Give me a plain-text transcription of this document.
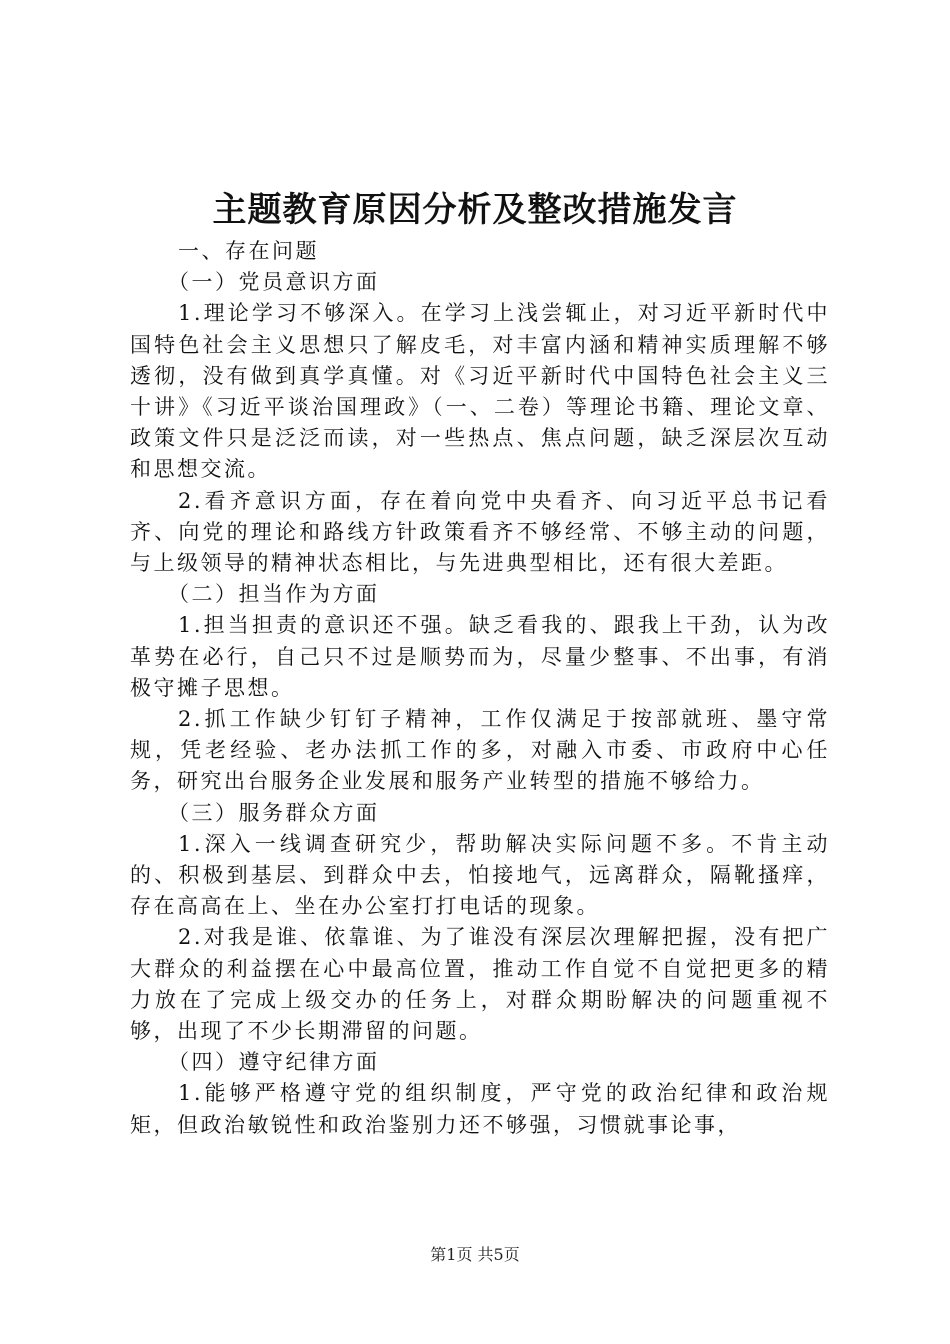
主题教育原因分析及整改措施发言

一、存在问题

（一）党员意识方面

1.理论学习不够深入。在学习上浅尝辄止，对习近平新时代中国特色社会主义思想只了解皮毛，对丰富内涵和精神实质理解不够透彻，没有做到真学真懂。对《习近平新时代中国特色社会主义三十讲》《习近平谈治国理政》（一、二卷）等理论书籍、理论文章、政策文件只是泛泛而读，对一些热点、焦点问题，缺乏深层次互动和思想交流。

2.看齐意识方面，存在着向党中央看齐、向习近平总书记看齐、向党的理论和路线方针政策看齐不够经常、不够主动的问题，与上级领导的精神状态相比，与先进典型相比，还有很大差距。

（二）担当作为方面

1.担当担责的意识还不强。缺乏看我的、跟我上干劲，认为改革势在必行，自己只不过是顺势而为，尽量少整事、不出事，有消极守摊子思想。

2.抓工作缺少钉钉子精神，工作仅满足于按部就班、墨守常规，凭老经验、老办法抓工作的多，对融入市委、市政府中心任务，研究出台服务企业发展和服务产业转型的措施不够给力。

（三）服务群众方面

1.深入一线调查研究少，帮助解决实际问题不多。不肯主动的、积极到基层、到群众中去，怕接地气，远离群众，隔靴搔痒，存在高高在上、坐在办公室打打电话的现象。

2.对我是谁、依靠谁、为了谁没有深层次理解把握，没有把广大群众的利益摆在心中最高位置，推动工作自觉不自觉把更多的精力放在了完成上级交办的任务上，对群众期盼解决的问题重视不够，出现了不少长期滞留的问题。

（四）遵守纪律方面

1.能够严格遵守党的组织制度，严守党的政治纪律和政治规矩，但政治敏锐性和政治鉴别力还不够强，习惯就事论事，

第1页 共5页
